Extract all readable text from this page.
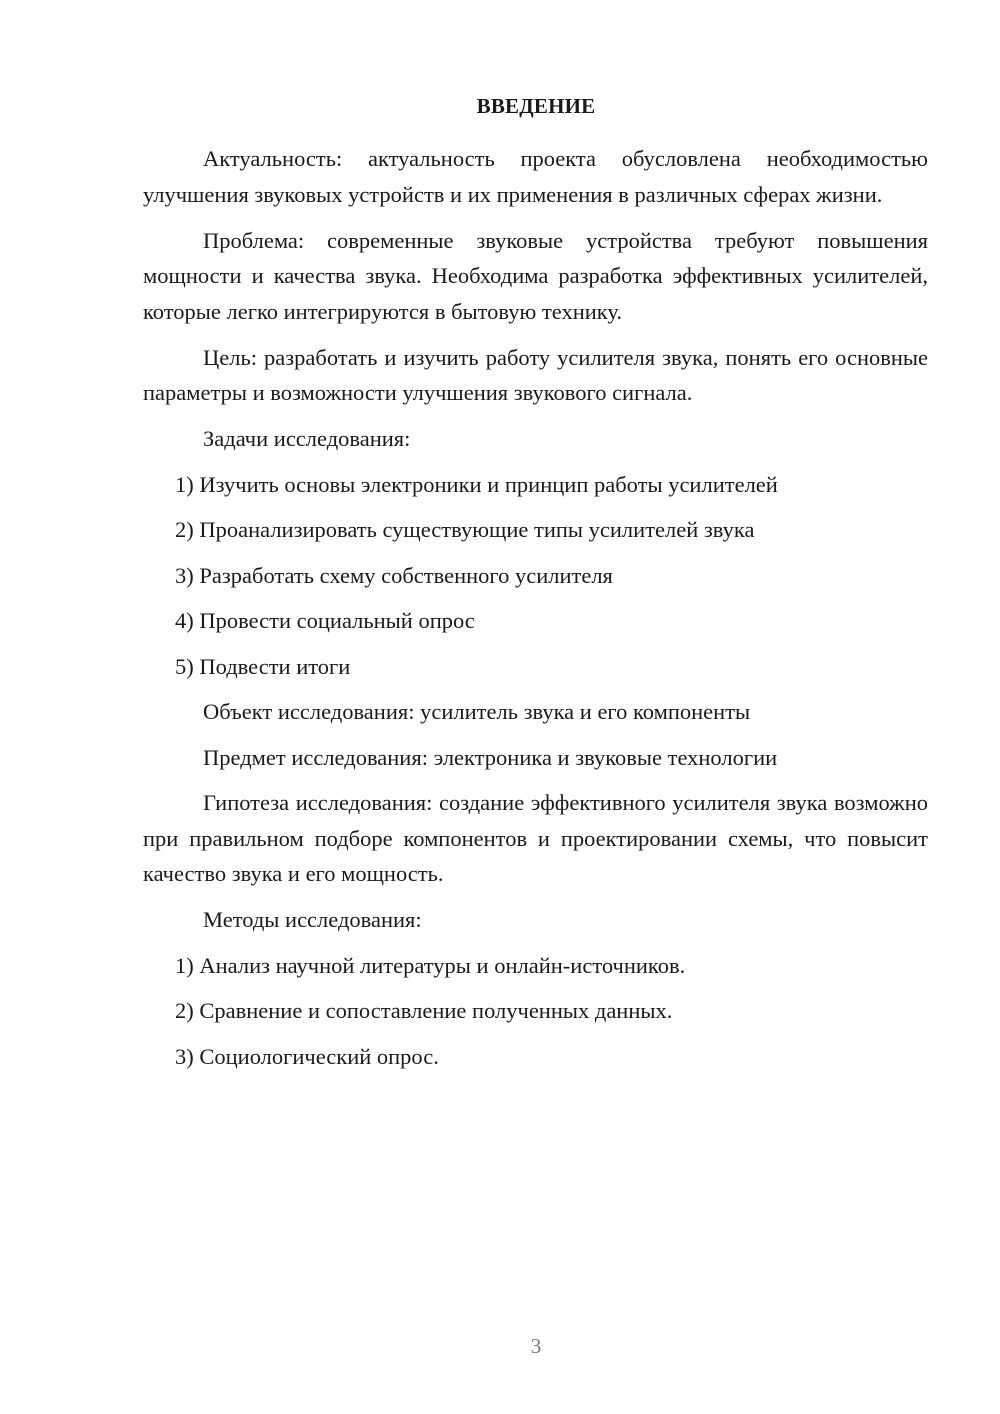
ВВЕДЕНИЕ

Актуальность: актуальность проекта обусловлена необходимостью улучшения звуковых устройств и их применения в различных сферах жизни.

Проблема: современные звуковые устройства требуют повышения мощности и качества звука. Необходима разработка эффективных усилителей, которые легко интегрируются в бытовую технику.

Цель: разработать и изучить работу усилителя звука, понять его основные параметры и возможности улучшения звукового сигнала.

Задачи исследования:

1) Изучить основы электроники и принцип работы усилителей
2) Проанализировать существующие типы усилителей звука
3) Разработать схему собственного усилителя
4) Провести социальный опрос
5) Подвести итоги

Объект исследования: усилитель звука и его компоненты

Предмет исследования: электроника и звуковые технологии

Гипотеза исследования: создание эффективного усилителя звука возможно при правильном подборе компонентов и проектировании схемы, что повысит качество звука и его мощность.

Методы исследования:

1) Анализ научной литературы и онлайн-источников.
2) Сравнение и сопоставление полученных данных.
3) Социологический опрос.
3
